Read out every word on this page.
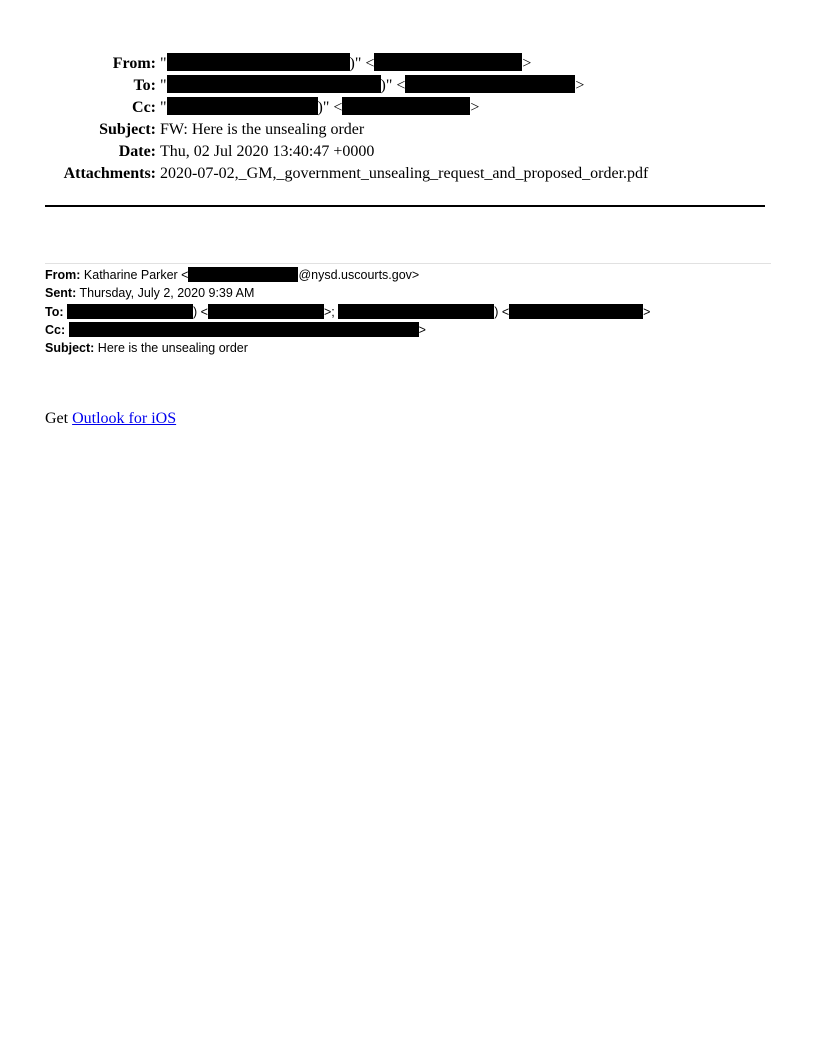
From: "	)" <	>
To: "	)" <	>
Cc: "	)" <	>
Subject: FW: Here is the unsealing order
Date: Thu, 02 Jul 2020 13:40:47 +0000
Attachments: 2020-07-02,_GM,_government_unsealing_request_and_proposed_order.pdf
From: Katharine Parker <	@nysd.uscourts.gov>
Sent: Thursday, July 2, 2020 9:39 AM
To:	) <	>;	) <	>
Cc:	>
Subject: Here is the unsealing order
Get Outlook for iOS
